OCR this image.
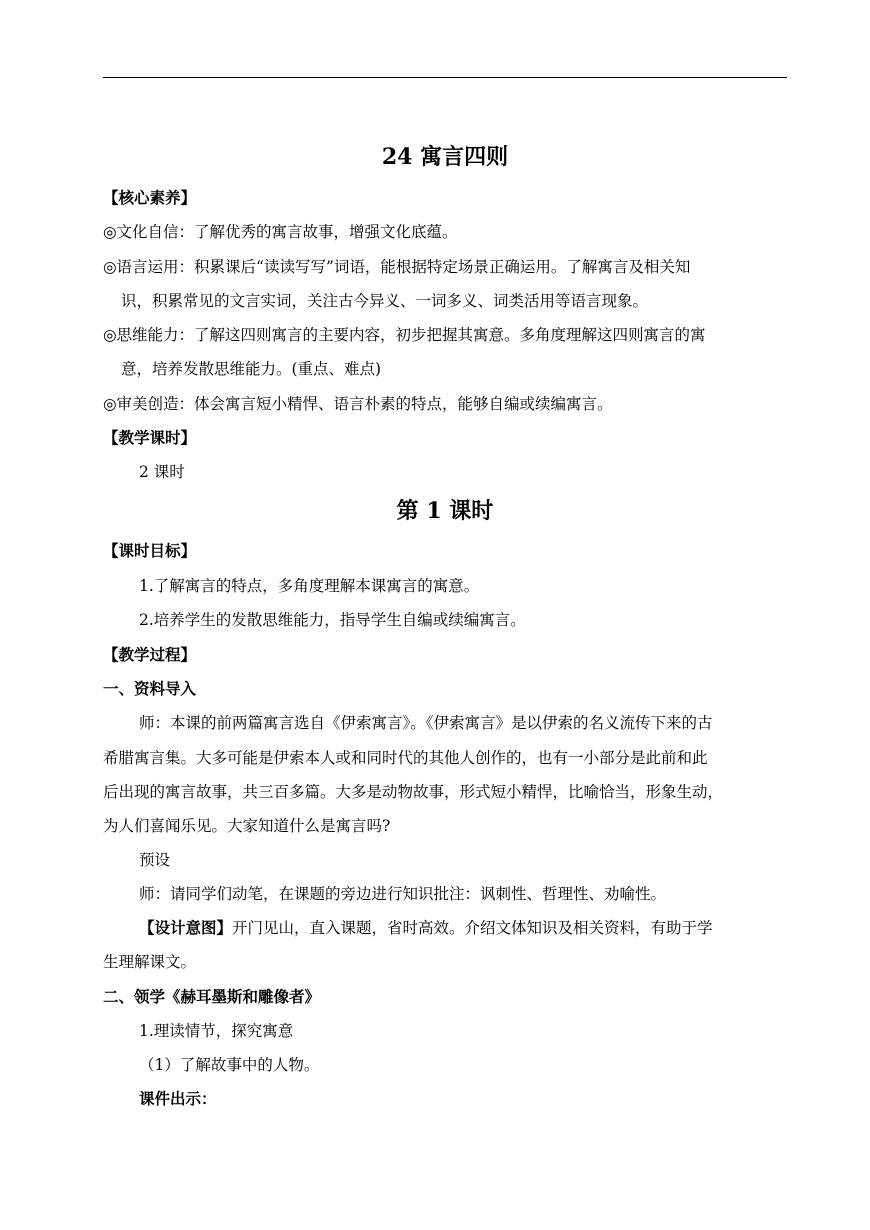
24 寓言四则
【核心素养】
◎文化自信：了解优秀的寓言故事，增强文化底蕴。
◎语言运用：积累课后“读读写写”词语，能根据特定场景正确运用。了解寓言及相关知
识，积累常见的文言实词，关注古今异义、一词多义、词类活用等语言现象。
◎思维能力：了解这四则寓言的主要内容，初步把握其寓意。多角度理解这四则寓言的寓
意，培养发散思维能力。(重点、难点)
◎审美创造：体会寓言短小精悍、语言朴素的特点，能够自编或续编寓言。
【教学课时】
2 课时
第 1 课时
【课时目标】
1.了解寓言的特点，多角度理解本课寓言的寓意。
2.培养学生的发散思维能力，指导学生自编或续编寓言。
【教学过程】
一、资料导入
师：本课的前两篇寓言选自《伊索寓言》。《伊索寓言》是以伊索的名义流传下来的古
希腊寓言集。大多可能是伊索本人或和同时代的其他人创作的，也有一小部分是此前和此
后出现的寓言故事，共三百多篇。大多是动物故事，形式短小精悍，比喻恰当，形象生动，
为人们喜闻乐见。大家知道什么是寓言吗?
预设
师：请同学们动笔，在课题的旁边进行知识批注：讽刺性、哲理性、劝喻性。
【设计意图】开门见山，直入课题，省时高效。介绍文体知识及相关资料，有助于学
生理解课文。
二、领学《赫耳墨斯和雕像者》
1.理读情节，探究寓意
（1）了解故事中的人物。
课件出示：
